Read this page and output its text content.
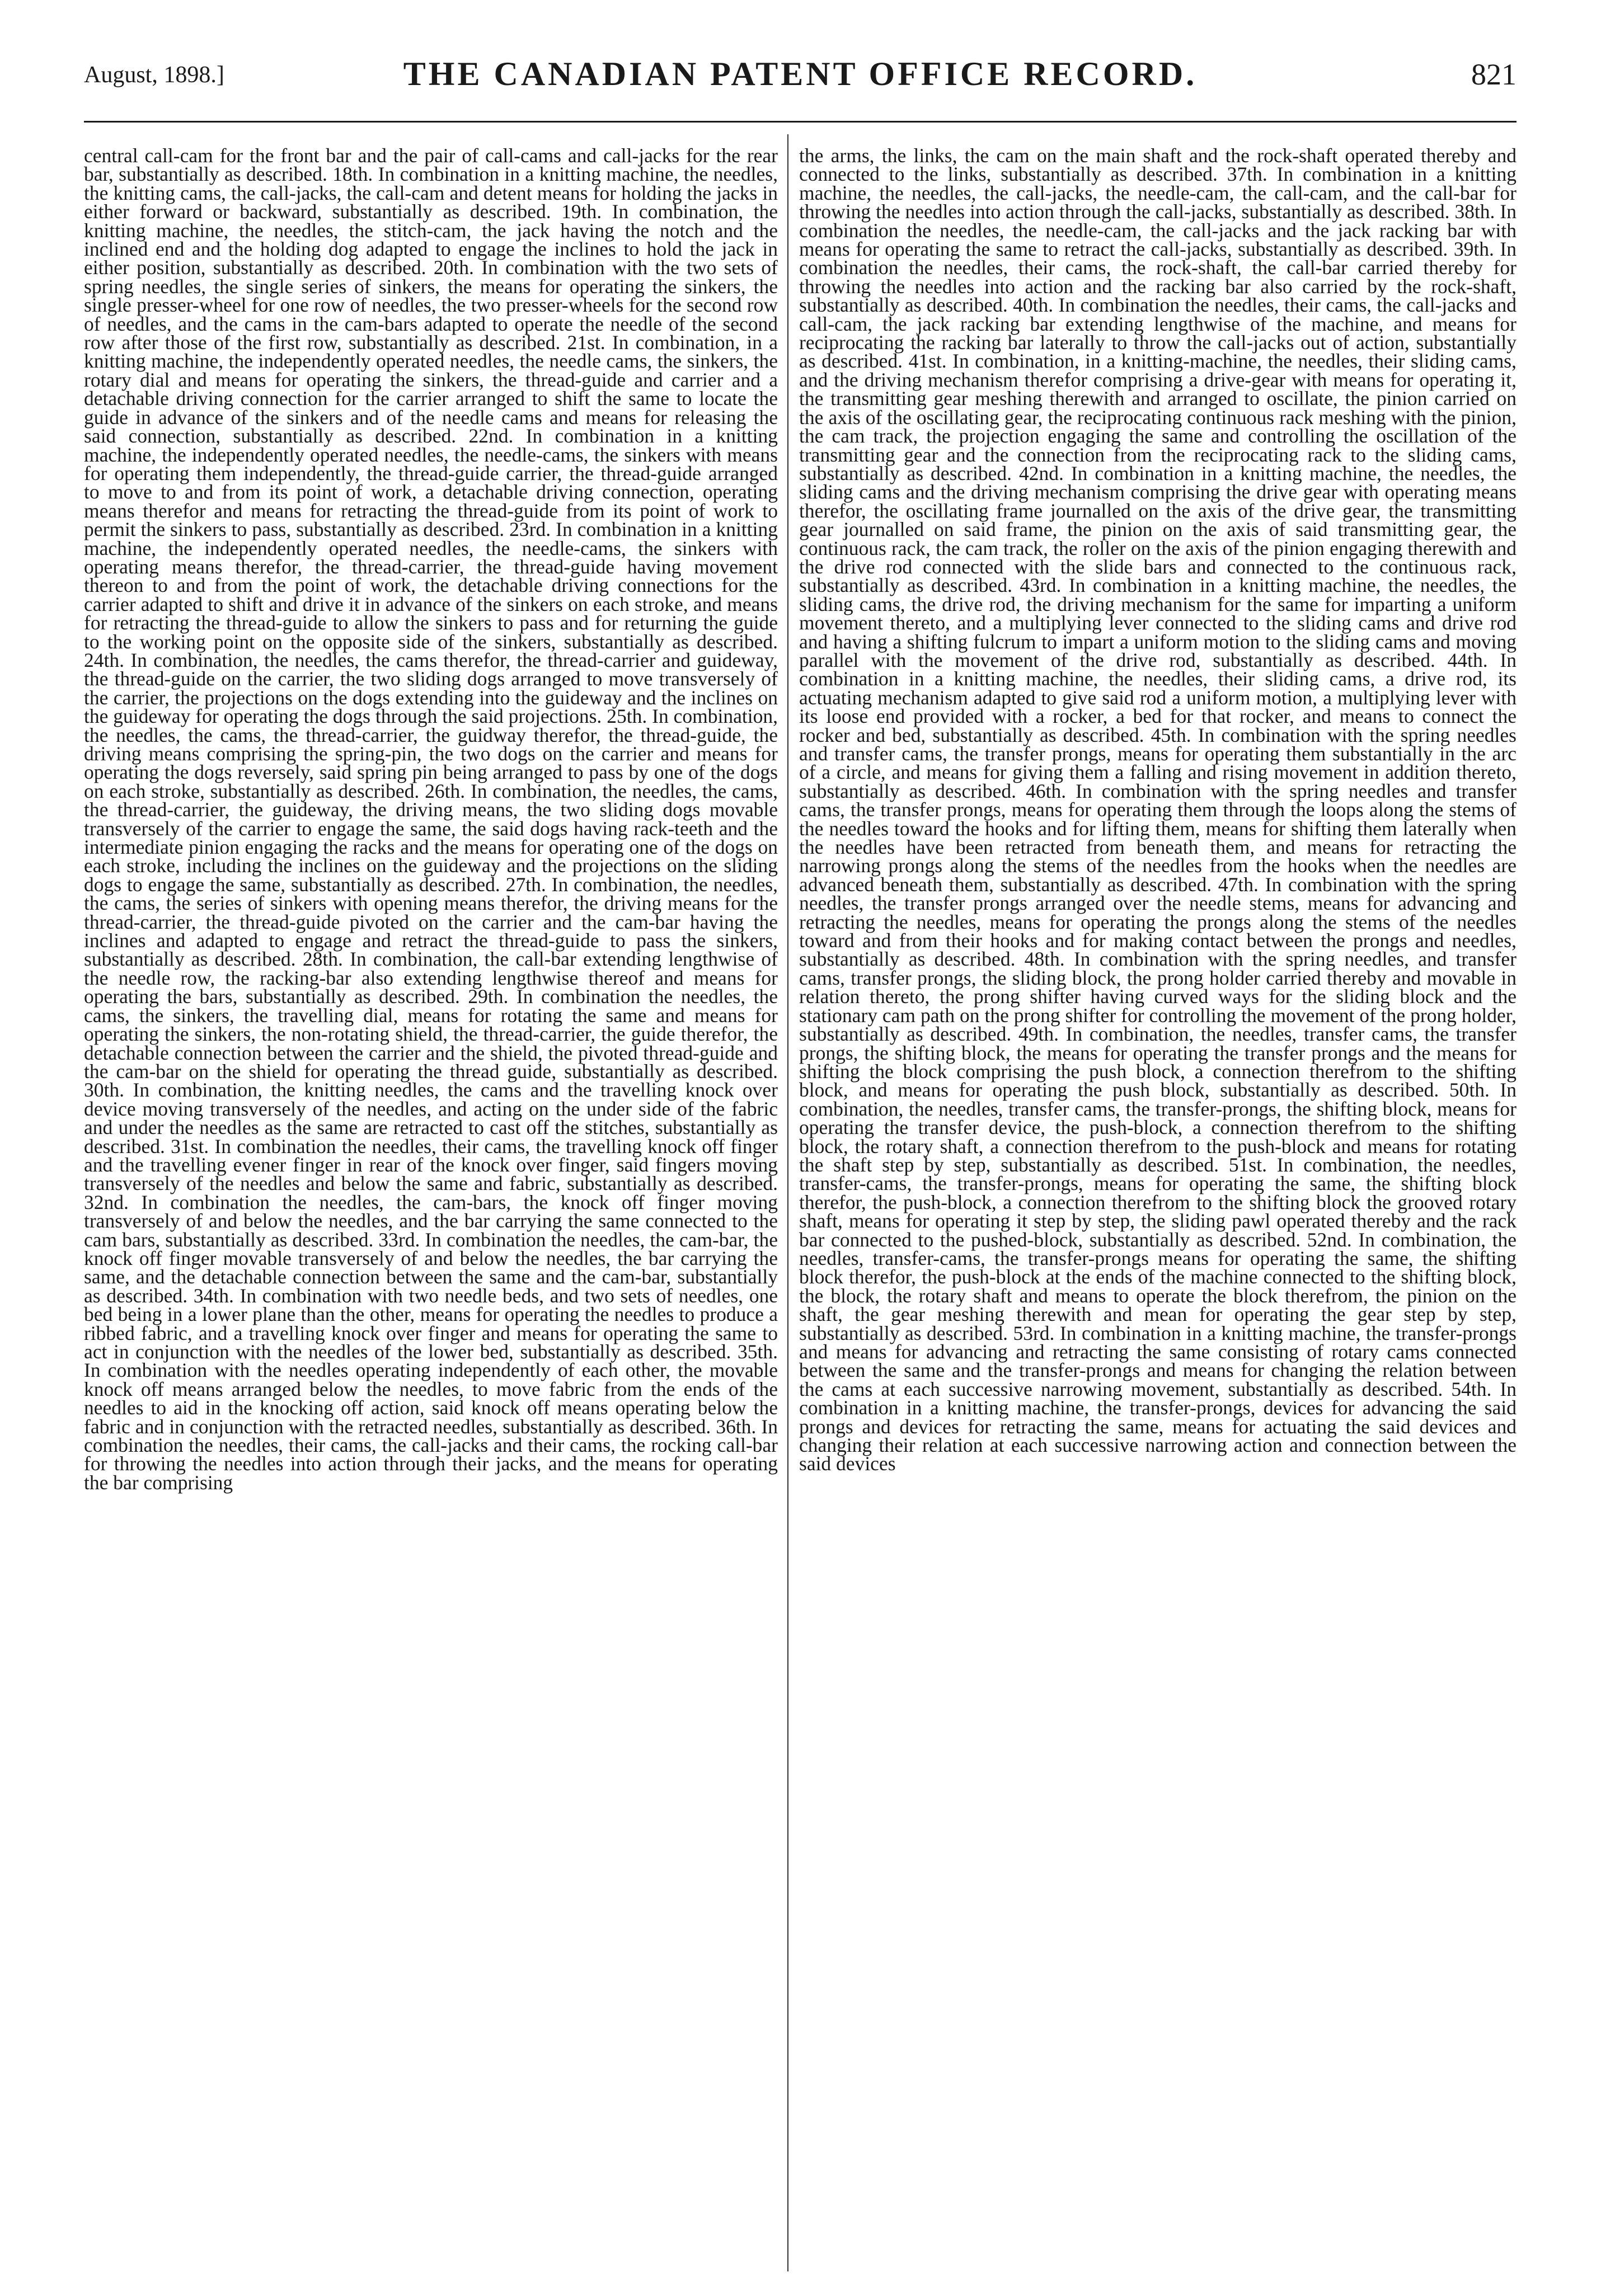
August, 1898.]	THE CANADIAN PATENT OFFICE RECORD.	821

central call-cam for the front bar and the pair of call-cams and call-jacks for the rear bar, substantially as described. 18th. In combination in a knitting machine, the needles, the knitting cams, the call-jacks, the call-cam and detent means for holding the jacks in either forward or backward, substantially as described. 19th. In combination, the knitting machine, the needles, the stitch-cam, the jack having the notch and the inclined end and the holding dog adapted to engage the inclines to hold the jack in either position, substantially as described. 20th. In combination with the two sets of spring needles, the single series of sinkers, the means for operating the sinkers, the single presser-wheel for one row of needles, the two presser-wheels for the second row of needles, and the cams in the cam-bars adapted to operate the needle of the second row after those of the first row, substantially as described. 21st. In combination, in a knitting machine, the independently operated needles, the needle cams, the sinkers, the rotary dial and means for operating the sinkers, the thread-guide and carrier and a detachable driving connection for the carrier arranged to shift the same to locate the guide in advance of the sinkers and of the needle cams and means for releasing the said connection, substantially as described. 22nd. In combination in a knitting machine, the independently operated needles, the needle-cams, the sinkers with means for operating them independently, the thread-guide carrier, the thread-guide arranged to move to and from its point of work, a detachable driving connection, operating means therefor and means for retracting the thread-guide from its point of work to permit the sinkers to pass, substantially as described. 23rd. In combination in a knitting machine, the independently operated needles, the needle-cams, the sinkers with operating means therefor, the thread-carrier, the thread-guide having movement thereon to and from the point of work, the detachable driving connections for the carrier adapted to shift and drive it in advance of the sinkers on each stroke, and means for retracting the thread-guide to allow the sinkers to pass and for returning the guide to the working point on the opposite side of the sinkers, substantially as described. 24th. In combination, the needles, the cams therefor, the thread-carrier and guideway, the thread-guide on the carrier, the two sliding dogs arranged to move transversely of the carrier, the projections on the dogs extending into the guideway and the inclines on the guideway for operating the dogs through the said projections. 25th. In combination, the needles, the cams, the thread-carrier, the guidway therefor, the thread-guide, the driving means comprising the spring-pin, the two dogs on the carrier and means for operating the dogs reversely, said spring pin being arranged to pass by one of the dogs on each stroke, substantially as described. 26th. In combination, the needles, the cams, the thread-carrier, the guideway, the driving means, the two sliding dogs movable transversely of the carrier to engage the same, the said dogs having rack-teeth and the intermediate pinion engaging the racks and the means for operating one of the dogs on each stroke, including the inclines on the guideway and the projections on the sliding dogs to engage the same, substantially as described. 27th. In combination, the needles, the cams, the series of sinkers with opening means therefor, the driving means for the thread-carrier, the thread-guide pivoted on the carrier and the cam-bar having the inclines and adapted to engage and retract the thread-guide to pass the sinkers, substantially as described. 28th. In combination, the call-bar extending lengthwise of the needle row, the racking-bar also extending lengthwise thereof and means for operating the bars, substantially as described. 29th. In combination the needles, the cams, the sinkers, the travelling dial, means for rotating the same and means for operating the sinkers, the non-rotating shield, the thread-carrier, the guide therefor, the detachable connection between the carrier and the shield, the pivoted thread-guide and the cam-bar on the shield for operating the thread guide, substantially as described. 30th. In combination, the knitting needles, the cams and the travelling knock over device moving transversely of the needles, and acting on the under side of the fabric and under the needles as the same are retracted to cast off the stitches, substantially as described. 31st. In combination the needles, their cams, the travelling knock off finger and the travelling evener finger in rear of the knock over finger, said fingers moving transversely of the needles and below the same and fabric, substantially as described. 32nd. In combination the needles, the cam-bars, the knock off finger moving transversely of and below the needles, and the bar carrying the same connected to the cam bars, substantially as described. 33rd. In combination the needles, the cam-bar, the knock off finger movable transversely of and below the needles, the bar carrying the same, and the detachable connection between the same and the cam-bar, substantially as described. 34th. In combination with two needle beds, and two sets of needles, one bed being in a lower plane than the other, means for operating the needles to produce a ribbed fabric, and a travelling knock over finger and means for operating the same to act in conjunction with the needles of the lower bed, substantially as described. 35th. In combination with the needles operating independently of each other, the movable knock off means arranged below the needles, to move fabric from the ends of the needles to aid in the knocking off action, said knock off means operating below the fabric and in conjunction with the retracted needles, substantially as described. 36th. In combination the needles, their cams, the call-jacks and their cams, the rocking call-bar for throwing the needles into action through their jacks, and the means for operating the bar comprising

the arms, the links, the cam on the main shaft and the rock-shaft operated thereby and connected to the links, substantially as described. 37th. In combination in a knitting machine, the needles, the call-jacks, the needle-cam, the call-cam, and the call-bar for throwing the needles into action through the call-jacks, substantially as described. 38th. In combination the needles, the needle-cam, the call-jacks and the jack racking bar with means for operating the same to retract the call-jacks, substantially as described. 39th. In combination the needles, their cams, the rock-shaft, the call-bar carried thereby for throwing the needles into action and the racking bar also carried by the rock-shaft, substantially as described. 40th. In combination the needles, their cams, the call-jacks and call-cam, the jack racking bar extending lengthwise of the machine, and means for reciprocating the racking bar laterally to throw the call-jacks out of action, substantially as described. 41st. In combination, in a knitting-machine, the needles, their sliding cams, and the driving mechanism therefor comprising a drive-gear with means for operating it, the transmitting gear meshing therewith and arranged to oscillate, the pinion carried on the axis of the oscillating gear, the reciprocating continuous rack meshing with the pinion, the cam track, the projection engaging the same and controlling the oscillation of the transmitting gear and the connection from the reciprocating rack to the sliding cams, substantially as described. 42nd. In combination in a knitting machine, the needles, the sliding cams and the driving mechanism comprising the drive gear with operating means therefor, the oscillating frame journalled on the axis of the drive gear, the transmitting gear journalled on said frame, the pinion on the axis of said transmitting gear, the continuous rack, the cam track, the roller on the axis of the pinion engaging therewith and the drive rod connected with the slide bars and connected to the continuous rack, substantially as described. 43rd. In combination in a knitting machine, the needles, the sliding cams, the drive rod, the driving mechanism for the same for imparting a uniform movement thereto, and a multiplying lever connected to the sliding cams and drive rod and having a shifting fulcrum to impart a uniform motion to the sliding cams and moving parallel with the movement of the drive rod, substantially as described. 44th. In combination in a knitting machine, the needles, their sliding cams, a drive rod, its actuating mechanism adapted to give said rod a uniform motion, a multiplying lever with its loose end provided with a rocker, a bed for that rocker, and means to connect the rocker and bed, substantially as described. 45th. In combination with the spring needles and transfer cams, the transfer prongs, means for operating them substantially in the arc of a circle, and means for giving them a falling and rising movement in addition thereto, substantially as described. 46th. In combination with the spring needles and transfer cams, the transfer prongs, means for operating them through the loops along the stems of the needles toward the hooks and for lifting them, means for shifting them laterally when the needles have been retracted from beneath them, and means for retracting the narrowing prongs along the stems of the needles from the hooks when the needles are advanced beneath them, substantially as described. 47th. In combination with the spring needles, the transfer prongs arranged over the needle stems, means for advancing and retracting the needles, means for operating the prongs along the stems of the needles toward and from their hooks and for making contact between the prongs and needles, substantially as described. 48th. In combination with the spring needles, and transfer cams, transfer prongs, the sliding block, the prong holder carried thereby and movable in relation thereto, the prong shifter having curved ways for the sliding block and the stationary cam path on the prong shifter for controlling the movement of the prong holder, substantially as described. 49th. In combination, the needles, transfer cams, the transfer prongs, the shifting block, the means for operating the transfer prongs and the means for shifting the block comprising the push block, a connection therefrom to the shifting block, and means for operating the push block, substantially as described. 50th. In combination, the needles, transfer cams, the transfer-prongs, the shifting block, means for operating the transfer device, the push-block, a connection therefrom to the shifting block, the rotary shaft, a connection therefrom to the push-block and means for rotating the shaft step by step, substantially as described. 51st. In combination, the needles, transfer-cams, the transfer-prongs, means for operating the same, the shifting block therefor, the push-block, a connection therefrom to the shifting block the grooved rotary shaft, means for operating it step by step, the sliding pawl operated thereby and the rack bar connected to the pushed-block, substantially as described. 52nd. In combination, the needles, transfer-cams, the transfer-prongs means for operating the same, the shifting block therefor, the push-block at the ends of the machine connected to the shifting block, the block, the rotary shaft and means to operate the block therefrom, the pinion on the shaft, the gear meshing therewith and mean for operating the gear step by step, substantially as described. 53rd. In combination in a knitting machine, the transfer-prongs and means for advancing and retracting the same consisting of rotary cams connected between the same and the transfer-prongs and means for changing the relation between the cams at each successive narrowing movement, substantially as described. 54th. In combination in a knitting machine, the transfer-prongs, devices for advancing the said prongs and devices for retracting the same, means for actuating the said devices and changing their relation at each successive narrowing action and connection between the said devices
